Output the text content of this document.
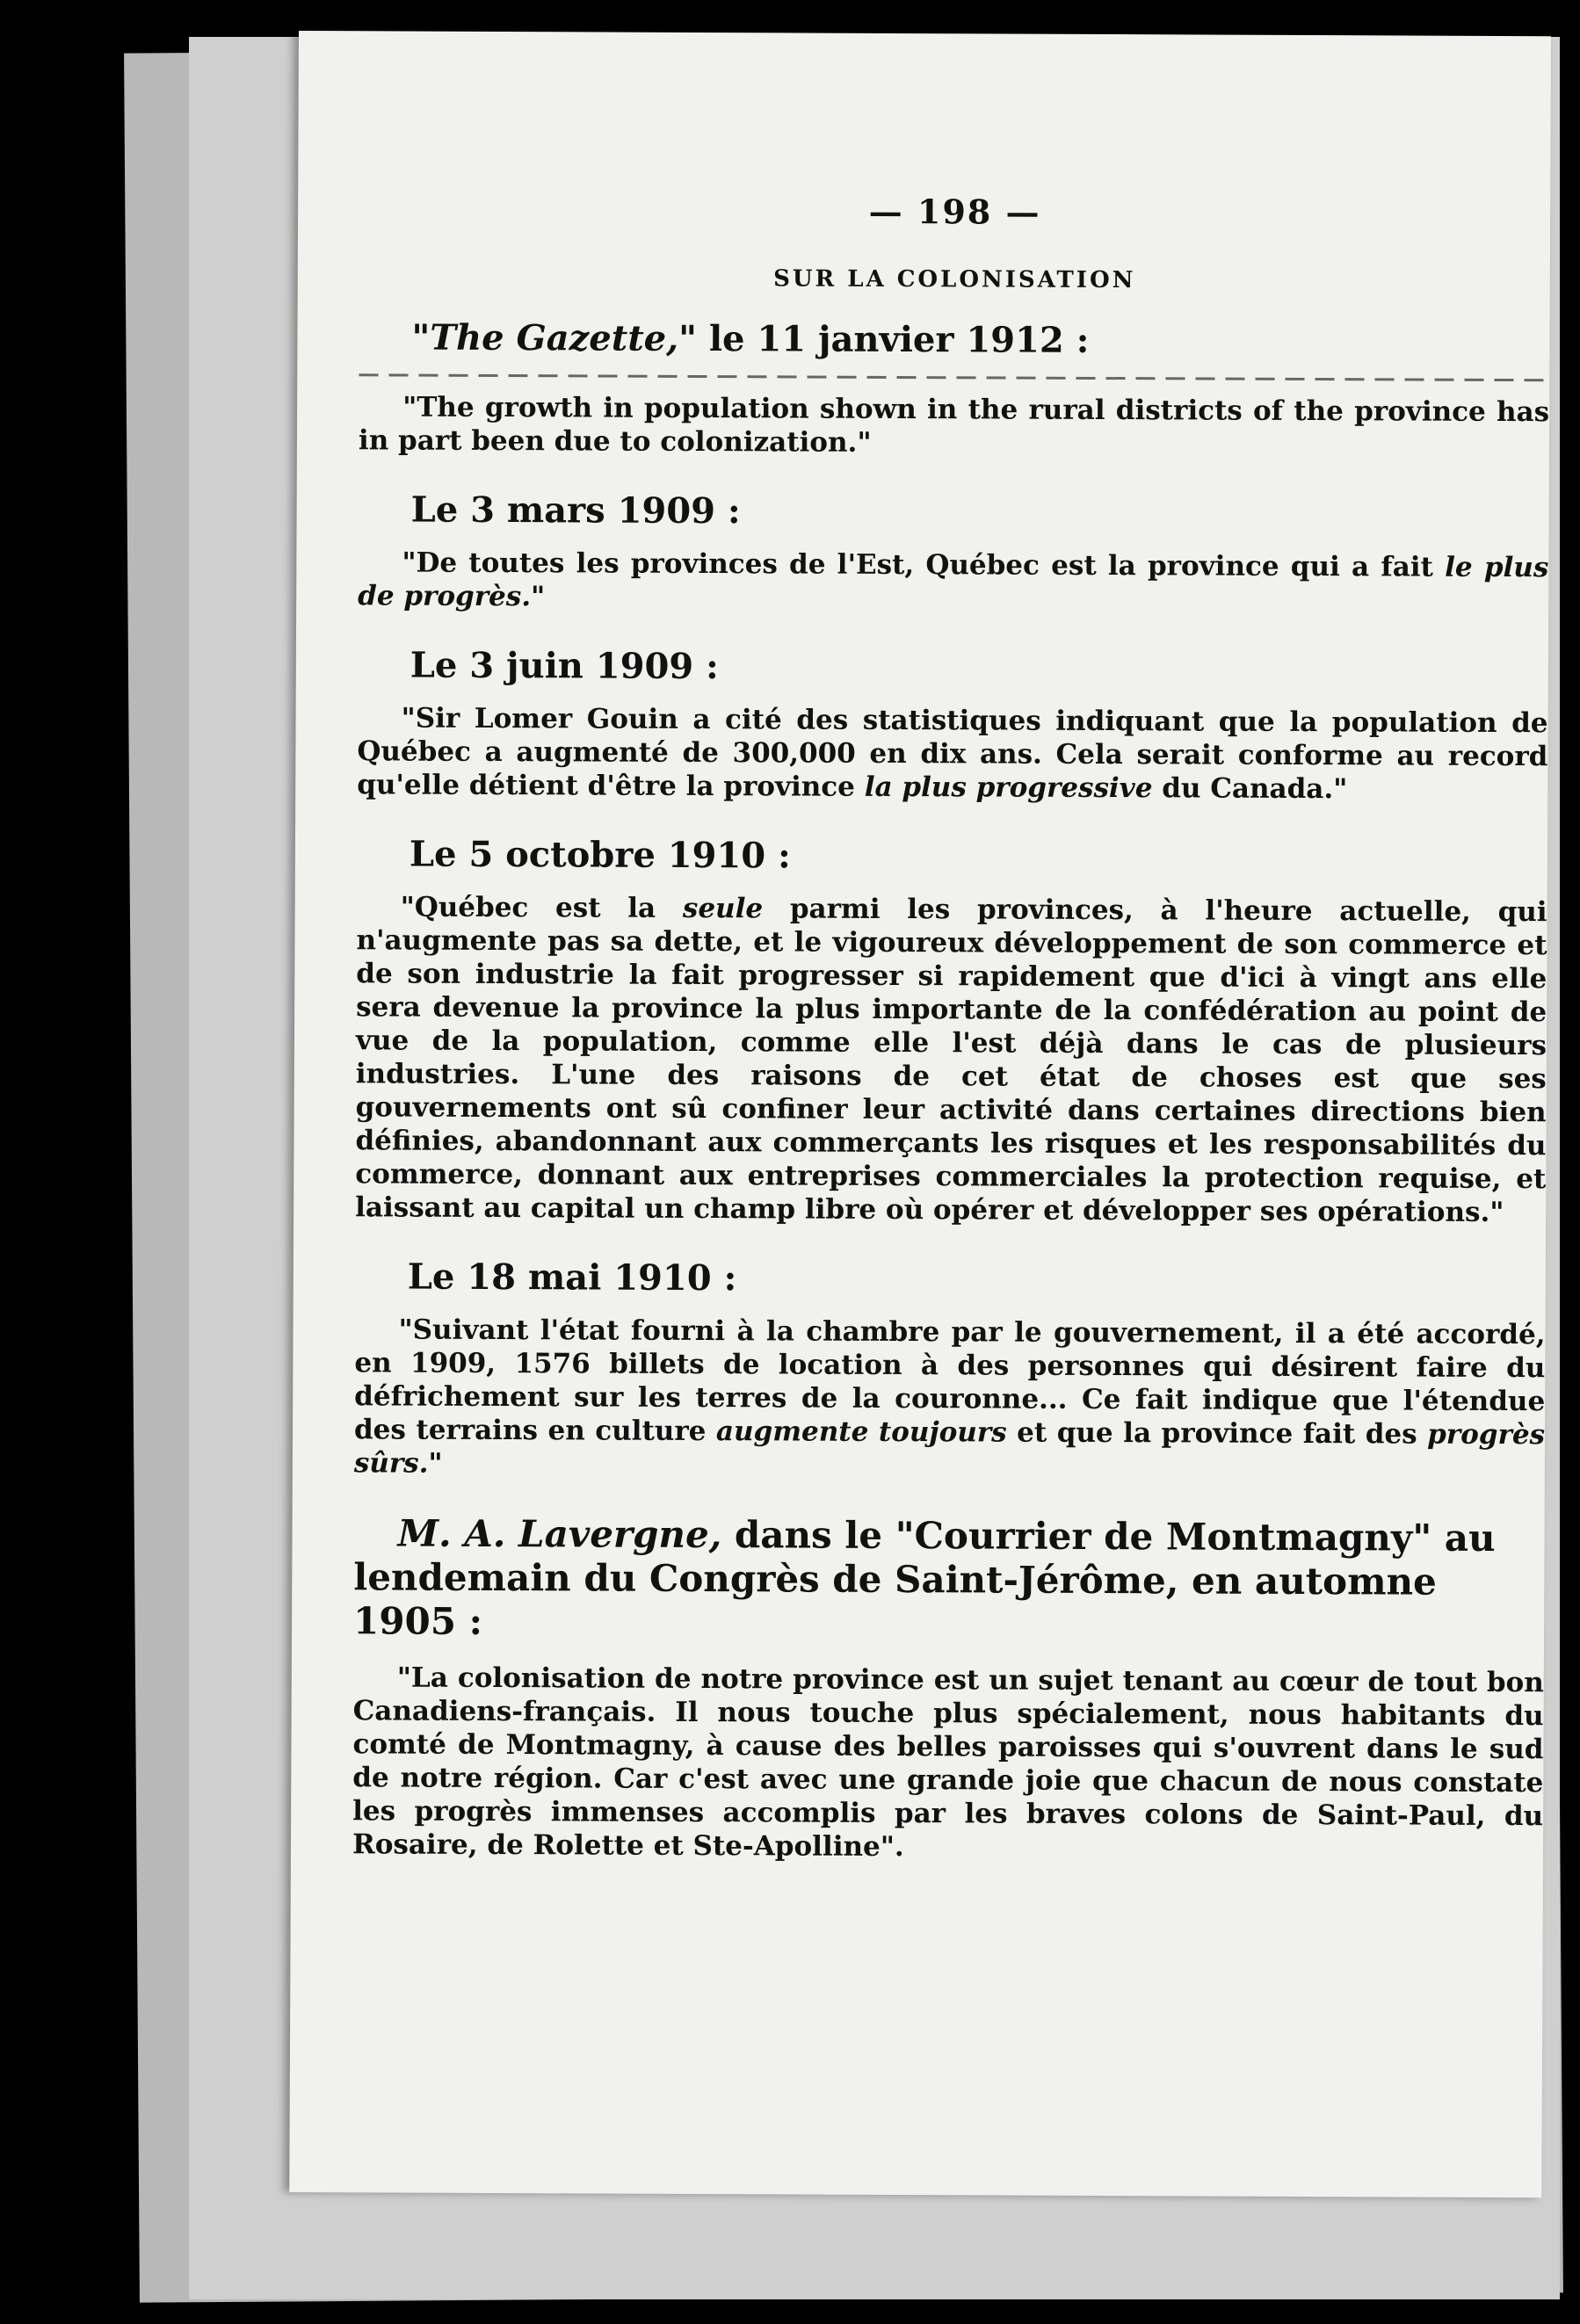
— 198 —
SUR LA COLONISATION
"The Gazette," le 11 janvier 1912 :

"The growth in population shown in the rural districts of the province has in part been due to colonization."

Le 3 mars 1909 :

"De toutes les provinces de l'Est, Québec est la province qui a fait le plus de progrès."

Le 3 juin 1909 :

"Sir Lomer Gouin a cité des statistiques indiquant que la population de Québec a augmenté de 300,000 en dix ans. Cela serait conforme au record qu'elle détient d'être la province la plus progressive du Canada."

Le 5 octobre 1910 :

"Québec est la seule parmi les provinces, à l'heure actuelle, qui n'augmente pas sa dette, et le vigoureux développement de son commerce et de son industrie la fait progresser si rapidement que d'ici à vingt ans elle sera devenue la province la plus importante de la confédération au point de vue de la population, comme elle l'est déjà dans le cas de plusieurs industries. L'une des raisons de cet état de choses est que ses gouvernements ont sû confiner leur activité dans certaines directions bien définies, abandonnant aux commerçants les risques et les responsabilités du commerce, donnant aux entreprises commerciales la protection requise, et laissant au capital un champ libre où opérer et développer ses opérations."

Le 18 mai 1910 :

"Suivant l'état fourni à la chambre par le gouvernement, il a été accordé, en 1909, 1576 billets de location à des personnes qui désirent faire du défrichement sur les terres de la couronne... Ce fait indique que l'étendue des terrains en culture augmente toujours et que la province fait des progrès sûrs."

M. A. Lavergne, dans le "Courrier de Montmagny" au lendemain du Congrès de Saint-Jérôme, en automne 1905 :

"La colonisation de notre province est un sujet tenant au cœur de tout bon Canadiens-français. Il nous touche plus spécialement, nous habitants du comté de Montmagny, à cause des belles paroisses qui s'ouvrent dans le sud de notre région. Car c'est avec une grande joie que chacun de nous constate les progrès immenses accomplis par les braves colons de Saint-Paul, du Rosaire, de Rolette et Ste-Apolline".
